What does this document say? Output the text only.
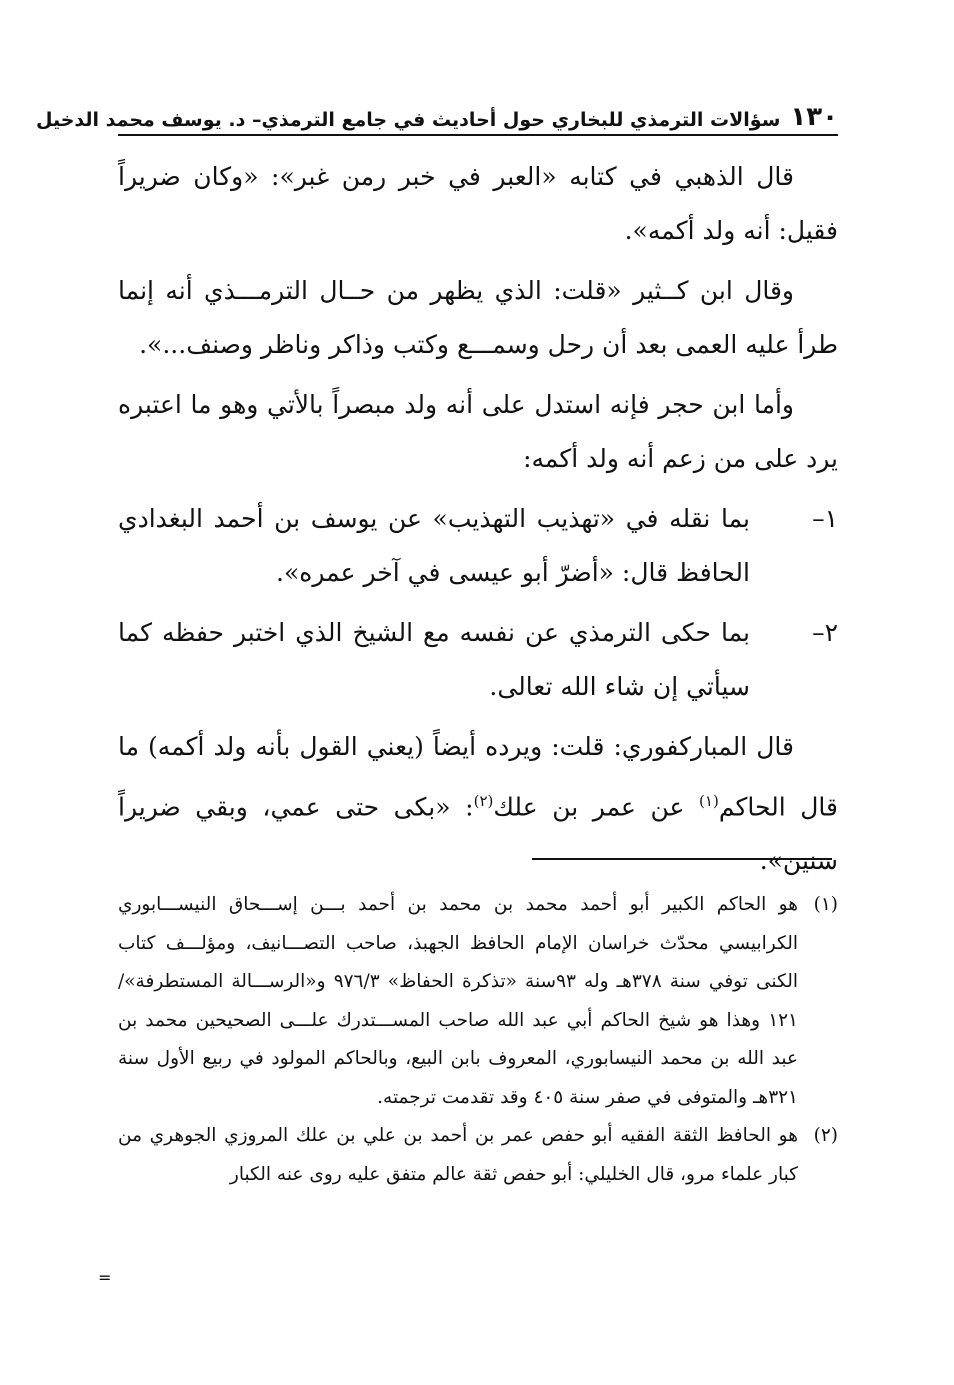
١٣٠
سؤالات الترمذي للبخاري حول أحاديث في جامع الترمذي– د. يوسف محمد الدخيل

قال الذهبي في كتابه «العبر في خبر رمن غبر»: «وكان ضريراً فقيل: أنه ولد أكمه».

وقال ابن كــثير «قلت: الذي يظهر من حــال الترمـــذي أنه إنما طرأ عليه العمى بعد أن رحل وسمـــع وكتب وذاكر وناظر وصنف...».

وأما ابن حجر فإنه استدل على أنه ولد مبصراً بالأتي وهو ما اعتبره يرد على من زعم أنه ولد أكمه:

١–
بما نقله في «تهذيب التهذيب» عن يوسف بن أحمد البغدادي الحافظ قال: «أضرّ أبو عيسى في آخر عمره».

٢–
بما حكى الترمذي عن نفسه مع الشيخ الذي اختبر حفظه كما سيأتي إن شاء الله تعالى.

قال المباركفوري: قلت: ويرده أيضاً (يعني القول بأنه ولد أكمه) ما قال الحاكم$^{(١)}$ عن عمر بن علك$^{(٢)}$: «بكى حتى عمي، وبقي ضريراً سنين».

(١)
هو الحاكم الكبير أبو أحمد محمد بن محمد بن أحمد بـــن إســـحاق النيســـابوري الكرابيسي محدّث خراسان الإمام الحافظ الجهبذ، صاحب التصـــانيف، ومؤلـــف كتاب الكنى توفي سنة ٣٧٨هـ وله ٩٣سنة «تذكرة الحفاظ» ٩٧٦/٣ و«الرســـالة المستطرفة»/ ١٢١ وهذا هو شيخ الحاكم أبي عبد الله صاحب المســـتدرك علـــى الصحيحين محمد بن عبد الله بن محمد النيسابوري، المعروف بابن البيع، وبالحاكم المولود في ربيع الأول سنة ٣٢١هـ والمتوفى في صفر سنة ٤٠٥ وقد تقدمت ترجمته.

(٢)
هو الحافظ الثقة الفقيه أبو حفص عمر بن أحمد بن علي بن علك المروزي الجوهري من كبار علماء مرو، قال الخليلي: أبو حفص ثقة عالم متفق عليه روى عنه الكبار

=
